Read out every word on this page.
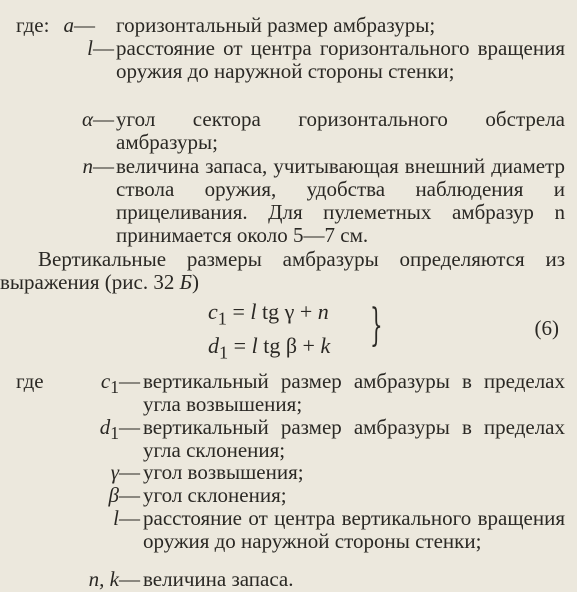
где: a— горизонтальный размер амбразуры;
l— расстояние от центра горизонтального вращения оружия до наружной стороны стенки;
α— угол сектора горизонтального обстрела амбразуры;
n— величина запаса, учитывающая внешний диаметр ствола оружия, удобства наблюдения и прицеливания. Для пулеметных амбразур n принимается около 5—7 см.
Вертикальные размеры амбразуры определяются из выражения (рис. 32 Б)
$c_1 = l$ tg γ + n
$d_1 = l$ tg β + k }	(6)
где	$c_1—$ вертикальный размер амбразуры в пределах угла возвышения;
$d_1—$ вертикальный размер амбразуры в пределах угла склонения;
γ— угол возвышения;
β— угол склонения;
l— расстояние от центра вертикального вращения оружия до наружной стороны стенки;
n, k— величина запаса.
